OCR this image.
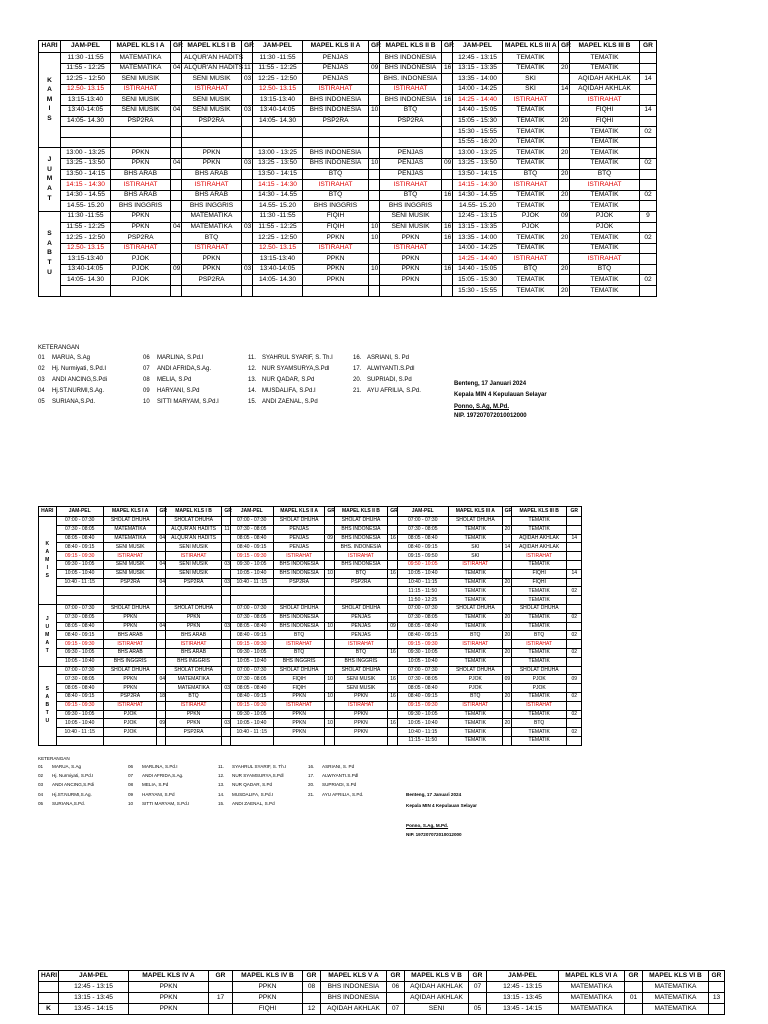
HARI	JAM-PEL	MAPEL KLS I A	GR	MAPEL KLS I B	GR	JAM-PEL	MAPEL KLS II A	GR	MAPEL KLS II B	GR	JAM-PEL	MAPEL KLS III A	GR	MAPEL KLS III B	GR

K
A
M
I
S	11:30 -11:55	MATEMATIKA		ALQUR'AN HADITS		11:30 -11:55	PENJAS		BHS INDONESIA		12:45 - 13:15	TEMATIK		TEMATIK	
	11:55 - 12:25	MATEMATIKA	04	ALQUR'AN HADITS	11	11:55 - 12:25	PENJAS	09	BHS INDONESIA	16	13:15 - 13:35	TEMATIK	20	TEMATIK	
	12:25 - 12:50	SENI MUSIK		SENI MUSIK	03	12:25 - 12:50	PENJAS		BHS. INDONESIA		13:35 - 14:00	SKI		AQIDAH AKHLAK	14
	12.50- 13.15	ISTIRAHAT		ISTIRAHAT		12.50- 13.15	ISTIRAHAT		ISTIRAHAT		14:00 - 14:25	SKI	14	AQIDAH AKHLAK	
	13:15-13:40	SENI MUSIK		SENI MUSIK		13:15-13:40	BHS INDONESIA		BHS INDONESIA	16	14:25 - 14:40	ISTIRAHAT		ISTIRAHAT	
	13:40-14:05	SENI MUSIK	04	SENI MUSIK	03	13:40-14:05	BHS INDONESIA	10	BTQ		14:40 - 15:05	TEMATIK		FIQHI	14
	14:05- 14.30	PSP2RA		PSP2RA		14:05- 14.30	PSP2RA		PSP2RA		15:05 - 15:30	TEMATIK	20	FIQHI	
											15:30 - 15:55	TEMATIK		TEMATIK	02
											15:55 - 16:20	TEMATIK		TEMATIK	

J
U
M
A
T	13:00 - 13:25	PPKN		PPKN		13:00 - 13:25	BHS INDONESIA		PENJAS		13:00 - 13:25	TEMATIK	20	TEMATIK	
	13:25 - 13:50	PPKN	04	PPKN	03	13:25 - 13:50	BHS INDONESIA	10	PENJAS	09	13:25 - 13:50	TEMATIK		TEMATIK	02
	13:50 - 14:15	BHS ARAB		BHS ARAB		13:50 - 14:15	BTQ		PENJAS		13:50 - 14:15	BTQ	20	BTQ	
	14:15 - 14:30	ISTIRAHAT		ISTIRAHAT		14:15 - 14:30	ISTIRAHAT		ISTIRAHAT		14:15 - 14:30	ISTIRAHAT		ISTIRAHAT	
	14:30 - 14.55	BHS ARAB		BHS ARAB		14:30 - 14.55	BTQ		BTQ	16	14:30 - 14.55	TEMATIK	20	TEMATIK	02
	14.55- 15.20	BHS INGGRIS		BHS INGGRIS		14.55- 15.20	BHS INGGRIS		BHS INGGRIS		14.55- 15.20	TEMATIK		TEMATIK	

S
A
B
T
U	11:30 -11:55	PPKN		MATEMATIKA		11:30 -11:55	FIQIH		SENI MUSIK		12:45 - 13:15	PJOK	09	PJOK	9
	11:55 - 12:25	PPKN	04	MATEMATIKA	03	11:55 - 12:25	FIQIH	10	SENI MUSIK	16	13:15 - 13:35	PJOK		PJOK	
	12:25 - 12:50	PSP2RA		BTQ		12:25 - 12:50	PPKN	10	PPKN	16	13:35 - 14:00	TEMATIK	20	TEMATIK	02
	12.50- 13.15	ISTIRAHAT		ISTIRAHAT		12.50- 13.15	ISTIRAHAT		ISTIRAHAT		14:00 - 14:25	TEMATIK		TEMATIK	
	13:15-13:40	PJOK		PPKN		13:15-13:40	PPKN		PPKN		14:25 - 14:40	ISTIRAHAT		ISTIRAHAT	
	13:40-14:05	PJOK	09	PPKN	03	13:40-14:05	PPKN	10	PPKN	16	14:40 - 15:05	BTQ	20	BTQ	
	14:05- 14.30	PJOK		PSP2RA		14:05- 14.30	PPKN		PPKN		15:05 - 15:30	TEMATIK		TEMATIK	02
											15:30 - 15:55	TEMATIK	20	TEMATIK	
KETERANGAN
01 MARUA, S.Ag
02 Hj. Nurmiyati, S.Pd.I
03 ANDI ANCING,S.Pdi
04 Hj.ST.NURMI,S.Ag.
05 SURIANA,S.Pd.
06 MARLINA, S.Pd.I
07 ANDI AFRIDA,S.Ag.
08 MELIA, S.Pd
09 HARYANI, S.Pd
10 SITTI MARYAM, S.Pd.I
11. SYAHRUL SYARIF, S. Th.I
12. NUR SYAMSURYA,S.Pdl
13. NUR QADAR, S.Pd
14. MUSDALIFA, S.Pd.I
15. ANDI ZAENAL, S.Pd
16. ASRIANI, S. Pd
17. ALWIYANTI.S.Pdl
20. SUPRIADI, S.Pd
21. AYU AFRILIA, S.Pd.
Benteng, 17 Januari 2024
Kepala MIN 4 Kepulauan Selayar
Ponno, S.Ag, M.Pd.
NIP. 197207072010012000
HARI	JAM-PEL	MAPEL KLS I A	GR	MAPEL KLS I B	GR	JAM-PEL	MAPEL KLS II A	GR	MAPEL KLS II B	GR	JAM-PEL	MAPEL KLS III A	GR	MAPEL KLS III B	GR

K
A
M
I
S	07:00 - 07:30	SHOLAT DHUHA		SHOLAT DHUHA		07:00 - 07:30	SHOLAT DHUHA		SHOLAT DHUHA		07:00 - 07:30	SHOLAT DHUHA		TEMATIK	
	07:30 - 08:05	MATEMATIKA		ALQUR'AN HADITS	11	07:30 - 08:05	PENJAS		BHS INDONESIA		07:30 - 08:05	TEMATIK	20	TEMATIK	
	08:05 - 08:40	MATEMATIKA	04	ALQUR'AN HADITS		08:05 - 08:40	PENJAS	09	BHS INDONESIA	16	08:05 - 08:40	TEMATIK		AQIDAH AKHLAK	14
	08:40 - 09:15	SENI MUSIK		SENI MUSIK		08:40 - 09:15	PENJAS		BHS. INDONESIA		08:40 - 09:15	SKI	14	AQIDAH AKHLAK	
	09:15 - 09:30	ISTIRAHAT		ISTIRAHAT		09:15 - 09:30	ISTIRAHAT		ISTIRAHAT		09:15 - 09:50	SKI		ISTIRAHAT	
	09:30 - 10:05	SENI MUSIK	04	SENI MUSIK	03	09:30 - 10:05	BHS INDONESIA		BHS INDONESIA		09:50 - 10:05	ISTIRAHAT		TEMATIK	
	10:05 - 10:40	SENI MUSIK		SENI MUSIK		10:05 - 10:40	BHS INDONESIA	10	BTQ	16	10:05 - 10:40	TEMATIK		FIQHI	14
	10:40 - 11 :15	PSP2RA	04	PSP2RA	03	10:40 - 11 :15	PSP2RA		PSP2RA		10:40 - 11:15	TEMATIK	20	FIQHI	
											11:15 - 11:50	TEMATIK		TEMATIK	02
											11:50 - 12:25	TEMATIK		TEMATIK	

J
U
M
A
T	07:00 - 07:30	SHOLAT DHUHA		SHOLAT DHUHA		07:00 - 07:30	SHOLAT DHUHA		SHOLAT DHUHA		07:00 - 07:30	SHOLAT DHUHA		SHOLAT DHUHA	
	07:30 - 08:05	PPKN		PPKN		07:30 - 08:05	BHS INDONESIA		PENJAS		07:30 - 08:05	TEMATIK	20	TEMATIK	02
	08:05 - 08:40	PPKN	04	PPKN	03	08:05 - 08:40	BHS INDONESIA	10	PENJAS	09	08:05 - 08:40	TEMATIK		TEMATIK	
	08:40 - 09:15	BHS ARAB		BHS ARAB		08:40 - 09:15	BTQ		PENJAS		08:40 - 09:15	BTQ	20	BTQ	02
	09:15 - 09:30	ISTIRAHAT		ISTIRAHAT		09:15 - 09:30	ISTIRAHAT		ISTIRAHAT		09:15 - 09:30	ISTIRAHAT		ISTIRAHAT	
	09:30 - 10:05	BHS ARAB		BHS ARAB		09:30 - 10:05	BTQ		BTQ	16	09:30 - 10:05	TEMATIK	20	TEMATIK	02
	10:05 - 10:40	BHS INGGRIS		BHS INGGRIS		10:05 - 10:40	BHS INGGRIS		BHS INGGRIS		10:05 - 10:40	TEMATIK		TEMATIK	

S
A
B
T
U	07:00 - 07:30	SHOLAT DHUHA		SHOLAT DHUHA		07:00 - 07:30	SHOLAT DHUHA		SHOLAT DHUHA		07:00 - 07:30	SHOLAT DHUHA		SHOLAT DHUHA	
	07:30 - 08:05	PPKN	04	MATEMATIKA		07:30 - 08:05	FIQIH	10	SENI MUSIK	16	07:30 - 08:05	PJOK	09	PJOK	09
	08:05 - 08:40	PPKN		MATEMATIKA	03	08:05 - 08:40	FIQIH		SENI MUSIK		08:05 - 08:40	PJOK		PJOK	
	08:40 - 09:15	PSP2RA	18	BTQ		08:40 - 09:15	PPKN	10	PPKN	16	08:40 - 09:15	BTQ	20	TEMATIK	02
	09:15 - 09:30	ISTIRAHAT		ISTIRAHAT		09:15 - 09:30	ISTIRAHAT		ISTIRAHAT		09:15 - 09:30	ISTIRAHAT		ISTIRAHAT	
	09:30 - 10:05	PJOK		PPKN		09:30 - 10:05	PPKN		PPKN		09:30 - 10:05	TEMATIK		TEMATIK	02
	10:05 - 10:40	PJOK	09	PPKN	03	10:05 - 10:40	PPKN	10	PPKN	16	10:05 - 10:40	TEMATIK	20	BTQ	
	10:40 - 11 :15	PJOK		PSP2RA		10:40 - 11 :15	PPKN		PPKN		10:40 - 11:15	TEMATIK		TEMATIK	02
											11:15 - 11:50	TEMATIK		TEMATIK	
KETERANGAN
01 MARUA, S.Ag
02 Hj. Nurmiyati, S.Pd.I
03 ANDI ANCING,S.Pdi
04 Hj.ST.NURMI,S.Ag.
05 SURIANA,S.Pd.
06 MARLINA, S.Pd.I
07 ANDI AFRIDA,S.Ag.
08 MELIA, S.Pd
09 HARYANI, S.Pd
10 SITTI MARYAM, S.Pd.I
11. SYAHRUL SYARIF, S. Th.I
12. NUR SYAMSURYA,S.Pdl
13. NUR QADAR, S.Pd
14. MUSDALIFA, S.Pd.I
15. ANDI ZAENAL, S.Pd
16. ASRIANI, S. Pd
17. ALWIYANTI.S.Pdl
20. SUPRIADI, S.Pd
21. AYU AFRILIA, S.Pd.	Benteng, 17 Januari 2024
Kepala MIN 4 Kepulauan Selayar
Ponno, S.Ag, M.Pd.
NIP. 197207072010012000
HARI	JAM-PEL	MAPEL KLS IV A	GR	MAPEL KLS IV B	GR	MAPEL KLS V A	GR	MAPEL KLS V B	GR	JAM-PEL	MAPEL KLS VI A	GR	MAPEL KLS VI B	GR
	12:45 - 13:15	PPKN		PPKN	08	BHS INDONESIA	06	AQIDAH AKHLAK	07	12:45 - 13:15	MATEMATIKA		MATEMATIKA	
	13:15 - 13:45	PPKN	17	PPKN		BHS INDONESIA		AQIDAH AKHLAK		13:15 - 13:45	MATEMATIKA	01	MATEMATIKA	13
K	13:45 - 14:15	PPKN		FIQHI	12	AQIDAH AKHLAK	07	SENI	05	13:45 - 14:15	MATEMATIKA		MATEMATIKA	
